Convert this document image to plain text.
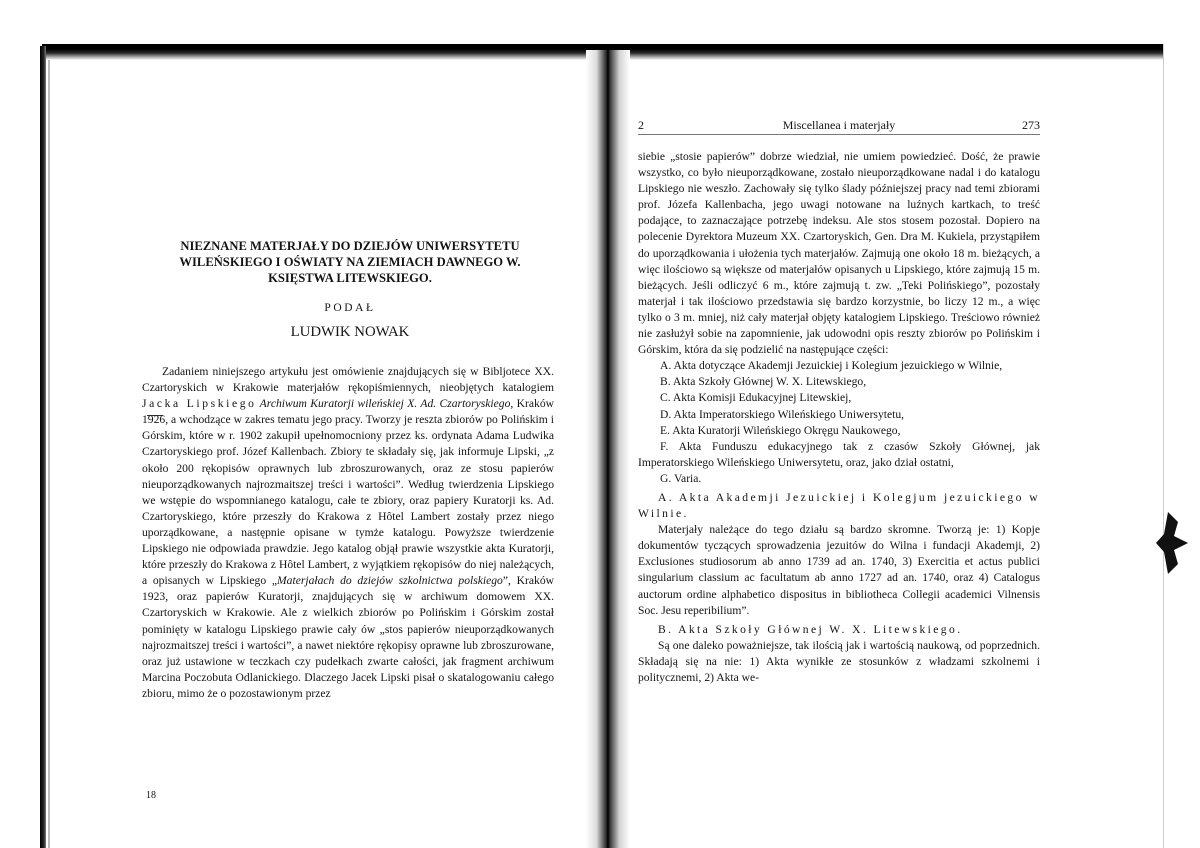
NIEZNANE MATERJAŁY DO DZIEJÓW UNIWERSYTETU WILEŃSKIEGO I OŚWIATY NA ZIEMIACH DAWNEGO W. KSIĘSTWA LITEWSKIEGO.
PODAŁ
LUDWIK NOWAK

Zadaniem niniejszego artykułu jest omówienie znajdujących się w Bibljotece XX. Czartoryskich w Krakowie materjałów rękopiśmiennych, nieobjętych katalogiem Jacka Lipskiego Archiwum Kuratorji wileńskiej X. Ad. Czartoryskiego, Kraków 1926, a wchodzące w zakres tematu jego pracy. Tworzy je reszta zbiorów po Polińskim i Górskim, które w r. 1902 zakupił upełnomocniony przez ks. ordynata Adama Ludwika Czartoryskiego prof. Józef Kallenbach. Zbiory te składały się, jak informuje Lipski, „z około 200 rękopisów oprawnych lub zbroszurowanych, oraz ze stosu papierów nieuporządkowanych najrozmaitszej treści i wartości”. Według twierdzenia Lipskiego we wstępie do wspomnianego katalogu, całe te zbiory, oraz papiery Kuratorji ks. Ad. Czartoryskiego, które przeszły do Krakowa z Hôtel Lambert zostały przez niego uporządkowane, a następnie opisane w tymże katalogu. Powyższe twierdzenie Lipskiego nie odpowiada prawdzie. Jego katalog objął prawie wszystkie akta Kuratorji, które przeszły do Krakowa z Hôtel Lambert, z wyjątkiem rękopisów do niej należących, a opisanych w Lipskiego „Materjałach do dziejów szkolnictwa polskiego”, Kraków 1923, oraz papierów Kuratorji, znajdujących się w archiwum domowem XX. Czartoryskich w Krakowie. Ale z wielkich zbiorów po Polińskim i Górskim został pominięty w katalogu Lipskiego prawie cały ów „stos papierów nieuporządkowanych najrozmaitszej treści i wartości”, a nawet niektóre rękopisy oprawne lub zbroszurowane, oraz już ustawione w teczkach czy pudełkach zwarte całości, jak fragment archiwum Marcina Poczobuta Odlanickiego. Dlaczego Jacek Lipski pisał o skatalogowaniu całego zbioru, mimo że o pozostawionym przez

18
2	Miscellanea i materjały	273

siebie „stosie papierów” dobrze wiedział, nie umiem powiedzieć. Dość, że prawie wszystko, co było nieuporządkowane, zostało nieuporządkowane nadal i do katalogu Lipskiego nie weszło. Zachowały się tylko ślady późniejszej pracy nad temi zbiorami prof. Józefa Kallenbacha, jego uwagi notowane na luźnych kartkach, to treść podające, to zaznaczające potrzebę indeksu. Ale stos stosem pozostał. Dopiero na polecenie Dyrektora Muzeum XX. Czartoryskich, Gen. Dra M. Kukiela, przystąpiłem do uporządkowania i ułożenia tych materjałów. Zajmują one około 18 m. bieżących, a więc ilościowo są większe od materjałów opisanych u Lipskiego, które zajmują 15 m. bieżących. Jeśli odliczyć 6 m., które zajmują t. zw. „Teki Polińskiego”, pozostały materjał i tak ilościowo przedstawia się bardzo korzystnie, bo liczy 12 m., a więc tylko o 3 m. mniej, niż cały materjał objęty katalogiem Lipskiego. Treściowo również nie zasłużył sobie na zapomnienie, jak udowodni opis reszty zbiorów po Polińskim i Górskim, która da się podzielić na następujące części:

A. Akta dotyczące Akademji Jezuickiej i Kolegium jezuickiego w Wilnie,

B. Akta Szkoły Głównej W. X. Litewskiego,

C. Akta Komisji Edukacyjnej Litewskiej,

D. Akta Imperatorskiego Wileńskiego Uniwersytetu,

E. Akta Kuratorji Wileńskiego Okręgu Naukowego,

F. Akta Funduszu edukacyjnego tak z czasów Szkoły Głównej, jak Imperatorskiego Wileńskiego Uniwersytetu, oraz, jako dział ostatni,

G. Varia.

A. Akta Akademji Jezuickiej i Kolegjum jezuickiego w Wilnie.

Materjały należące do tego działu są bardzo skromne. Tworzą je: 1) Kopje dokumentów tyczących sprowadzenia jezuitów do Wilna i fundacji Akademji, 2) Exclusiones studiosorum ab anno 1739 ad an. 1740, 3) Exercitia et actus publici singularium classium ac facultatum ab anno 1727 ad an. 1740, oraz 4) Catalogus auctorum ordine alphabetico dispositus in bibliotheca Collegii academici Vilnensis Soc. Jesu reperibilium”.

B. Akta Szkoły Głównej W. X. Litewskiego.

Są one daleko poważniejsze, tak ilością jak i wartością naukową, od poprzednich. Składają się na nie: 1) Akta wynikłe ze stosunków z władzami szkolnemi i politycznemi, 2) Akta we-
